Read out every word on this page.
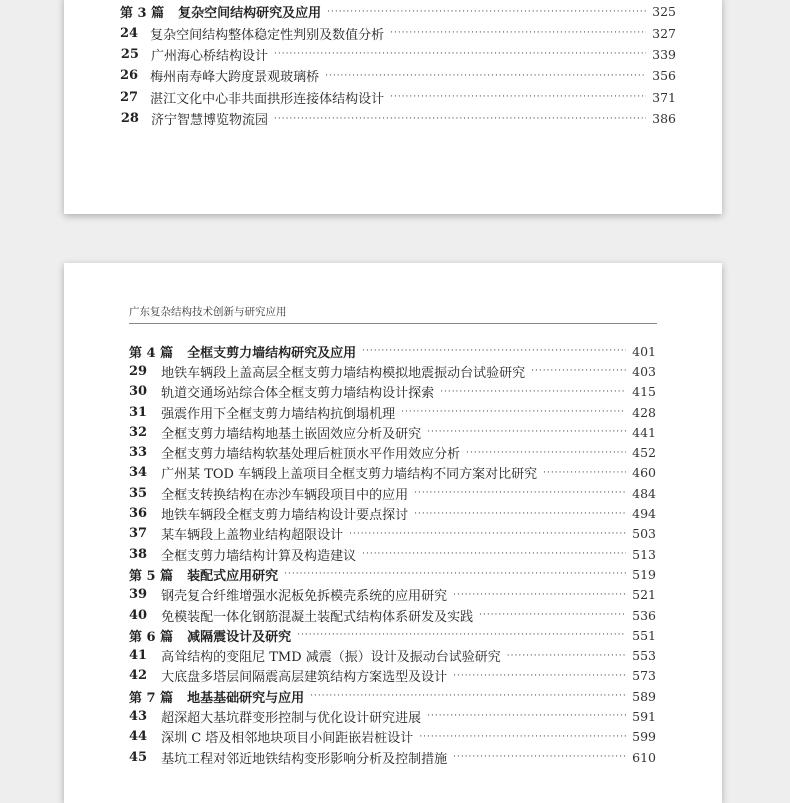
第 3 篇 复杂空间结构研究及应用 ·····	325
24 复杂空间结构整体稳定性判别及数值分析 ·····	327
25 广州海心桥结构设计 ·····	339
26 梅州南寿峰大跨度景观玻璃桥 ·····	356
27 湛江文化中心非共面拱形连接体结构设计 ·····	371
28 济宁智慧博览物流园 ·····	386
广东复杂结构技术创新与研究应用
第 4 篇 全框支剪力墙结构研究及应用 ·····	401
29 地铁车辆段上盖高层全框支剪力墙结构模拟地震振动台试验研究 ·····	403
30 轨道交通场站综合体全框支剪力墙结构设计探索 ·····	415
31 强震作用下全框支剪力墙结构抗倒塌机理 ·····	428
32 全框支剪力墙结构地基土嵌固效应分析及研究 ·····	441
33 全框支剪力墙结构软基处理后桩顶水平作用效应分析 ·····	452
34 广州某 TOD 车辆段上盖项目全框支剪力墙结构不同方案对比研究 ·····	460
35 全框支转换结构在赤沙车辆段项目中的应用 ·····	484
36 地铁车辆段全框支剪力墙结构设计要点探讨 ·····	494
37 某车辆段上盖物业结构超限设计 ·····	503
38 全框支剪力墙结构计算及构造建议 ·····	513
第 5 篇 装配式应用研究 ·····	519
39 钢壳复合纤维增强水泥板免拆模壳系统的应用研究 ·····	521
40 免模装配一体化钢筋混凝土装配式结构体系研发及实践 ·····	536
第 6 篇 减隔震设计及研究 ·····	551
41 高耸结构的变阻尼 TMD 减震（振）设计及振动台试验研究 ·····	553
42 大底盘多塔层间隔震高层建筑结构方案选型及设计 ·····	573
第 7 篇 地基基础研究与应用 ·····	589
43 超深超大基坑群变形控制与优化设计研究进展 ·····	591
44 深圳 C 塔及相邻地块项目小间距嵌岩桩设计 ·····	599
45 基坑工程对邻近地铁结构变形影响分析及控制措施 ·····	610
